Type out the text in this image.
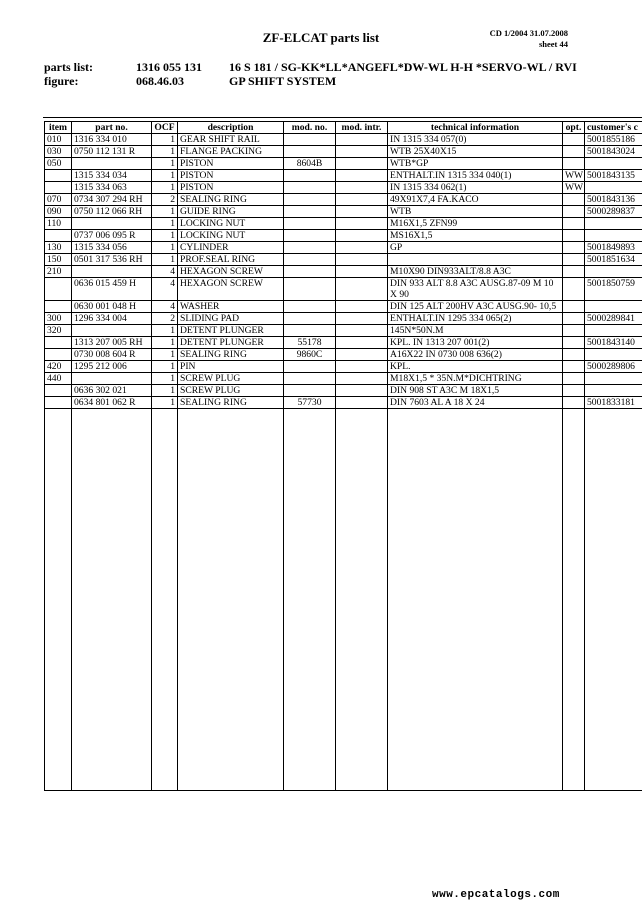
ZF-ELCAT parts list	CD 1/2004 31.07.2008
sheet 44
parts list:	1316 055 131 16 S 181 / SG-KK*LL*ANGEFL*DW-WL H-H *SERVO-WL / RVI
figure:	068.46.03	GP SHIFT SYSTEM
item	part no.	OCF	description	mod. no.	mod. intr.	technical information	opt.	customer's c
010	1316 334 010	1	GEAR SHIFT RAIL			IN 1315 334 057(0)		5001855186
030	0750 112 131 R	1	FLANGE PACKING			WTB 25X40X15		5001843024
050		1	PISTON	8604B		WTB*GP		
	1315 334 034	1	PISTON			ENTHALT.IN 1315 334 040(1)	WW	5001843135
	1315 334 063	1	PISTON			IN 1315 334 062(1)	WW	
070	0734 307 294 RH	2	SEALING RING			49X91X7,4 FA.KACO		5001843136
090	0750 112 066 RH	1	GUIDE RING			WTB		5000289837
110		1	LOCKING NUT			M16X1,5 ZFN99		
	0737 006 095 R	1	LOCKING NUT			MS16X1,5		
130	1315 334 056	1	CYLINDER			GP		5001849893
150	0501 317 536 RH	1	PROF.SEAL RING					5001851634
210		4	HEXAGON SCREW			M10X90 DIN933ALT/8.8 A3C		
	0636 015 459 H	4	HEXAGON SCREW			DIN 933 ALT 8.8 A3C AUSG.87-09 M 10 X 90		5001850759
	0630 001 048 H	4	WASHER			DIN 125 ALT 200HV A3C AUSG.90- 10,5		
300	1296 334 004	2	SLIDING PAD			ENTHALT.IN 1295 334 065(2)		5000289841
320		1	DETENT PLUNGER			145N*50N.M		
	1313 207 005 RH	1	DETENT PLUNGER	55178		KPL. IN 1313 207 001(2)		5001843140
	0730 008 604 R	1	SEALING RING	9860C		A16X22 IN 0730 008 636(2)		
420	1295 212 006	1	PIN			KPL.		5000289806
440		1	SCREW PLUG			M18X1,5 * 35N.M*DICHTRING		
	0636 302 021	1	SCREW PLUG			DIN 908 ST A3C M 18X1,5		
	0634 801 062 R	1	SEALING RING	57730		DIN 7603 AL A 18 X 24		5001833181

www.epcatalogs.com
